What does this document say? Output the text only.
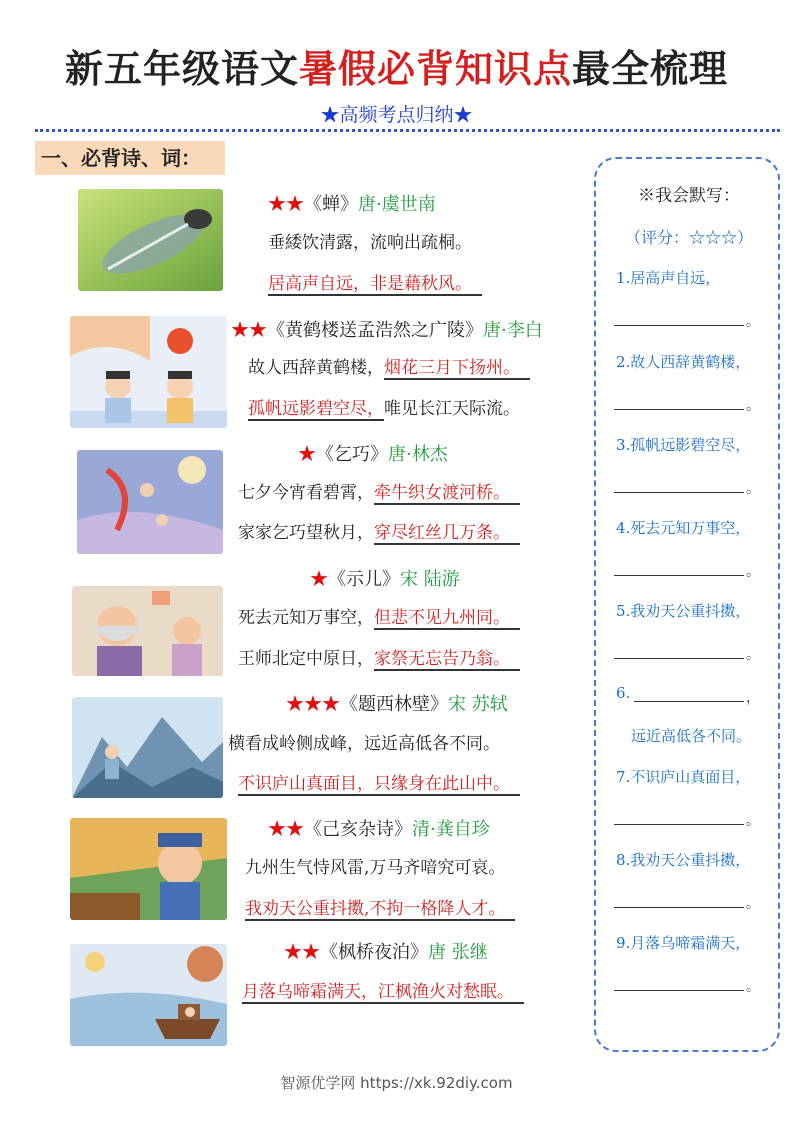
新五年级语文暑假必背知识点最全梳理
★高频考点归纳★
一、必背诗、词：
★★《蝉》唐·虞世南
垂緌饮清露，流响出疏桐。
居高声自远，非是藉秋风。
★★《黄鹤楼送孟浩然之广陵》唐·李白
故人西辞黄鹤楼，烟花三月下扬州。
孤帆远影碧空尽，唯见长江天际流。
★《乞巧》唐·林杰
七夕今宵看碧霄，牵牛织女渡河桥。
家家乞巧望秋月，穿尽红丝几万条。
★《示儿》宋 陆游
死去元知万事空，但悲不见九州同。
王师北定中原日，家祭无忘告乃翁。
★★★《题西林壁》宋 苏轼
横看成岭侧成峰，远近高低各不同。
不识庐山真面目，只缘身在此山中。
★★《己亥杂诗》清·龚自珍
九州生气恃风雷,万马齐喑究可哀。
我劝天公重抖擞,不拘一格降人才。
★★《枫桥夜泊》唐 张继
月落乌啼霜满天，江枫渔火对愁眠。
※我会默写：
（评分：☆☆☆）
1.居高声自远，
。
2.故人西辞黄鹤楼，
。
3.孤帆远影碧空尽，
。
4.死去元知万事空，
。
5.我劝天公重抖擞，
。
6.	，
远近高低各不同。
7.不识庐山真面目，
。
8.我劝天公重抖擞，
。
9.月落乌啼霜满天，
。
智源优学网 https://xk.92diy.com
